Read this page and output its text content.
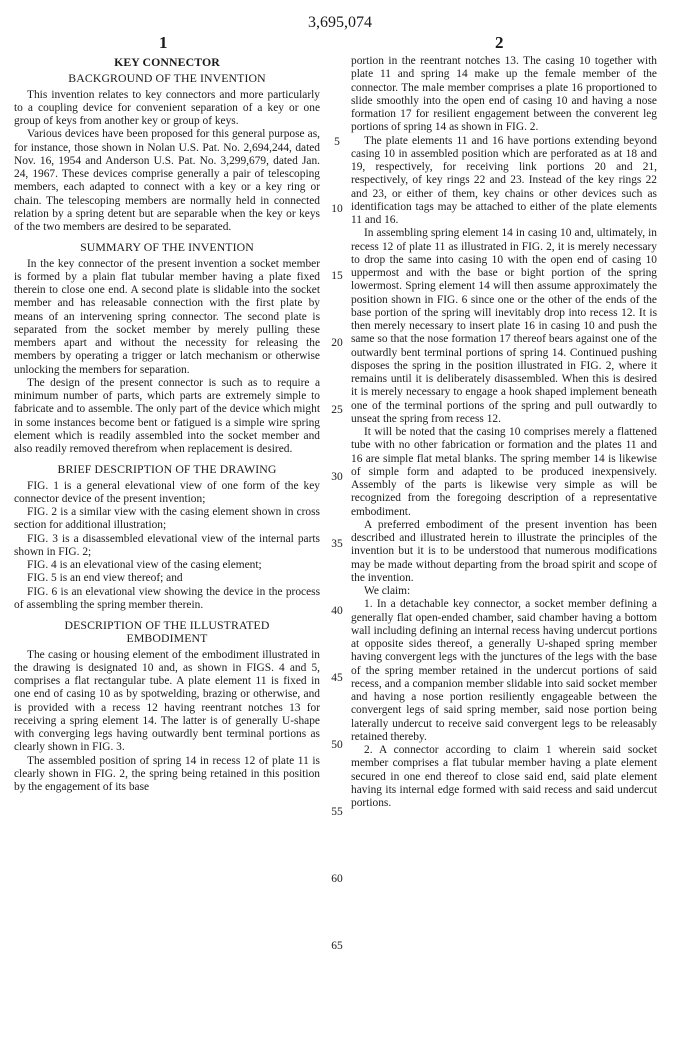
3,695,074
1	2
KEY CONNECTOR
BACKGROUND OF THE INVENTION

This invention relates to key connectors and more particularly to a coupling device for convenient separation of a key or one group of keys from another key or group of keys.

Various devices have been proposed for this general purpose as, for instance, those shown in Nolan U.S. Pat. No. 2,694,244, dated Nov. 16, 1954 and Anderson U.S. Pat. No. 3,299,679, dated Jan. 24, 1967. These devices comprise generally a pair of telescoping members, each adapted to connect with a key or a key ring or chain. The telescoping members are normally held in connected relation by a spring detent but are separable when the key or keys of the two members are desired to be separated.

SUMMARY OF THE INVENTION

In the key connector of the present invention a socket member is formed by a plain flat tubular member having a plate fixed therein to close one end. A second plate is slidable into the socket member and has releasable connection with the first plate by means of an intervening spring connector. The second plate is separated from the socket member by merely pulling these members apart and without the necessity for releasing the members by operating a trigger or latch mechanism or otherwise unlocking the members for separation.

The design of the present connector is such as to require a minimum number of parts, which parts are extremely simple to fabricate and to assemble. The only part of the device which might in some instances become bent or fatigued is a simple wire spring element which is readily assembled into the socket member and also readily removed therefrom when replacement is desired.

BRIEF DESCRIPTION OF THE DRAWING

FIG. 1 is a general elevational view of one form of the key connector device of the present invention;

FIG. 2 is a similar view with the casing element shown in cross section for additional illustration;

FIG. 3 is a disassembled elevational view of the internal parts shown in FIG. 2;

FIG. 4 is an elevational view of the casing element;

FIG. 5 is an end view thereof; and

FIG. 6 is an elevational view showing the device in the process of assembling the spring member therein.

DESCRIPTION OF THE ILLUSTRATED EMBODIMENT

The casing or housing element of the embodiment illustrated in the drawing is designated 10 and, as shown in FIGS. 4 and 5, comprises a flat rectangular tube. A plate element 11 is fixed in one end of casing 10 as by spotwelding, brazing or otherwise, and is provided with a recess 12 having reentrant notches 13 for receiving a spring element 14. The latter is of generally U-shape with converging legs having outwardly bent terminal portions as clearly shown in FIG. 3.

The assembled position of spring 14 in recess 12 of plate 11 is clearly shown in FIG. 2, the spring being retained in this position by the engagement of its base

portion in the reentrant notches 13. The casing 10 together with plate 11 and spring 14 make up the female member of the connector. The male member comprises a plate 16 proportioned to slide smoothly into the open end of casing 10 and having a nose formation 17 for resilient engagement between the converent leg portions of spring 14 as shown in FIG. 2.

The plate elements 11 and 16 have portions extending beyond casing 10 in assembled position which are perforated as at 18 and 19, respectively, for receiving link portions 20 and 21, respectively, of key rings 22 and 23. Instead of the key rings 22 and 23, or either of them, key chains or other devices such as identification tags may be attached to either of the plate elements 11 and 16.

In assembling spring element 14 in casing 10 and, ultimately, in recess 12 of plate 11 as illustrated in FIG. 2, it is merely necessary to drop the same into casing 10 with the open end of casing 10 uppermost and with the base or bight portion of the spring lowermost. Spring element 14 will then assume approximately the position shown in FIG. 6 since one or the other of the ends of the base portion of the spring will inevitably drop into recess 12. It is then merely necessary to insert plate 16 in casing 10 and push the same so that the nose formation 17 thereof bears against one of the outwardly bent terminal portions of spring 14. Continued pushing disposes the spring in the position illustrated in FIG. 2, where it remains until it is deliberately disassembled. When this is desired it is merely necessary to engage a hook shaped implement beneath one of the terminal portions of the spring and pull outwardly to unseat the spring from recess 12.

It will be noted that the casing 10 comprises merely a flattened tube with no other fabrication or formation and the plates 11 and 16 are simple flat metal blanks. The spring member 14 is likewise of simple form and adapted to be produced inexpensively. Assembly of the parts is likewise very simple as will be recognized from the foregoing description of a representative embodiment.

A preferred embodiment of the present invention has been described and illustrated herein to illustrate the principles of the invention but it is to be understood that numerous modifications may be made without departing from the broad spirit and scope of the invention.

We claim:

1. In a detachable key connector, a socket member defining a generally flat open-ended chamber, said chamber having a bottom wall including defining an internal recess having undercut portions at opposite sides thereof, a generally U-shaped spring member having convergent legs with the junctures of the legs with the base of the spring member retained in the undercut portions of said recess, and a companion member slidable into said socket member and having a nose portion resiliently engageable between the convergent legs of said spring member, said nose portion being laterally undercut to receive said convergent legs to be releasably retained thereby.

2. A connector according to claim 1 wherein said socket member comprises a flat tubular member having a plate element secured in one end thereof to close said end, said plate element having its internal edge formed with said recess and said undercut portions.

5
10
15
20
25
30
35
40
45
50
55
60
65
